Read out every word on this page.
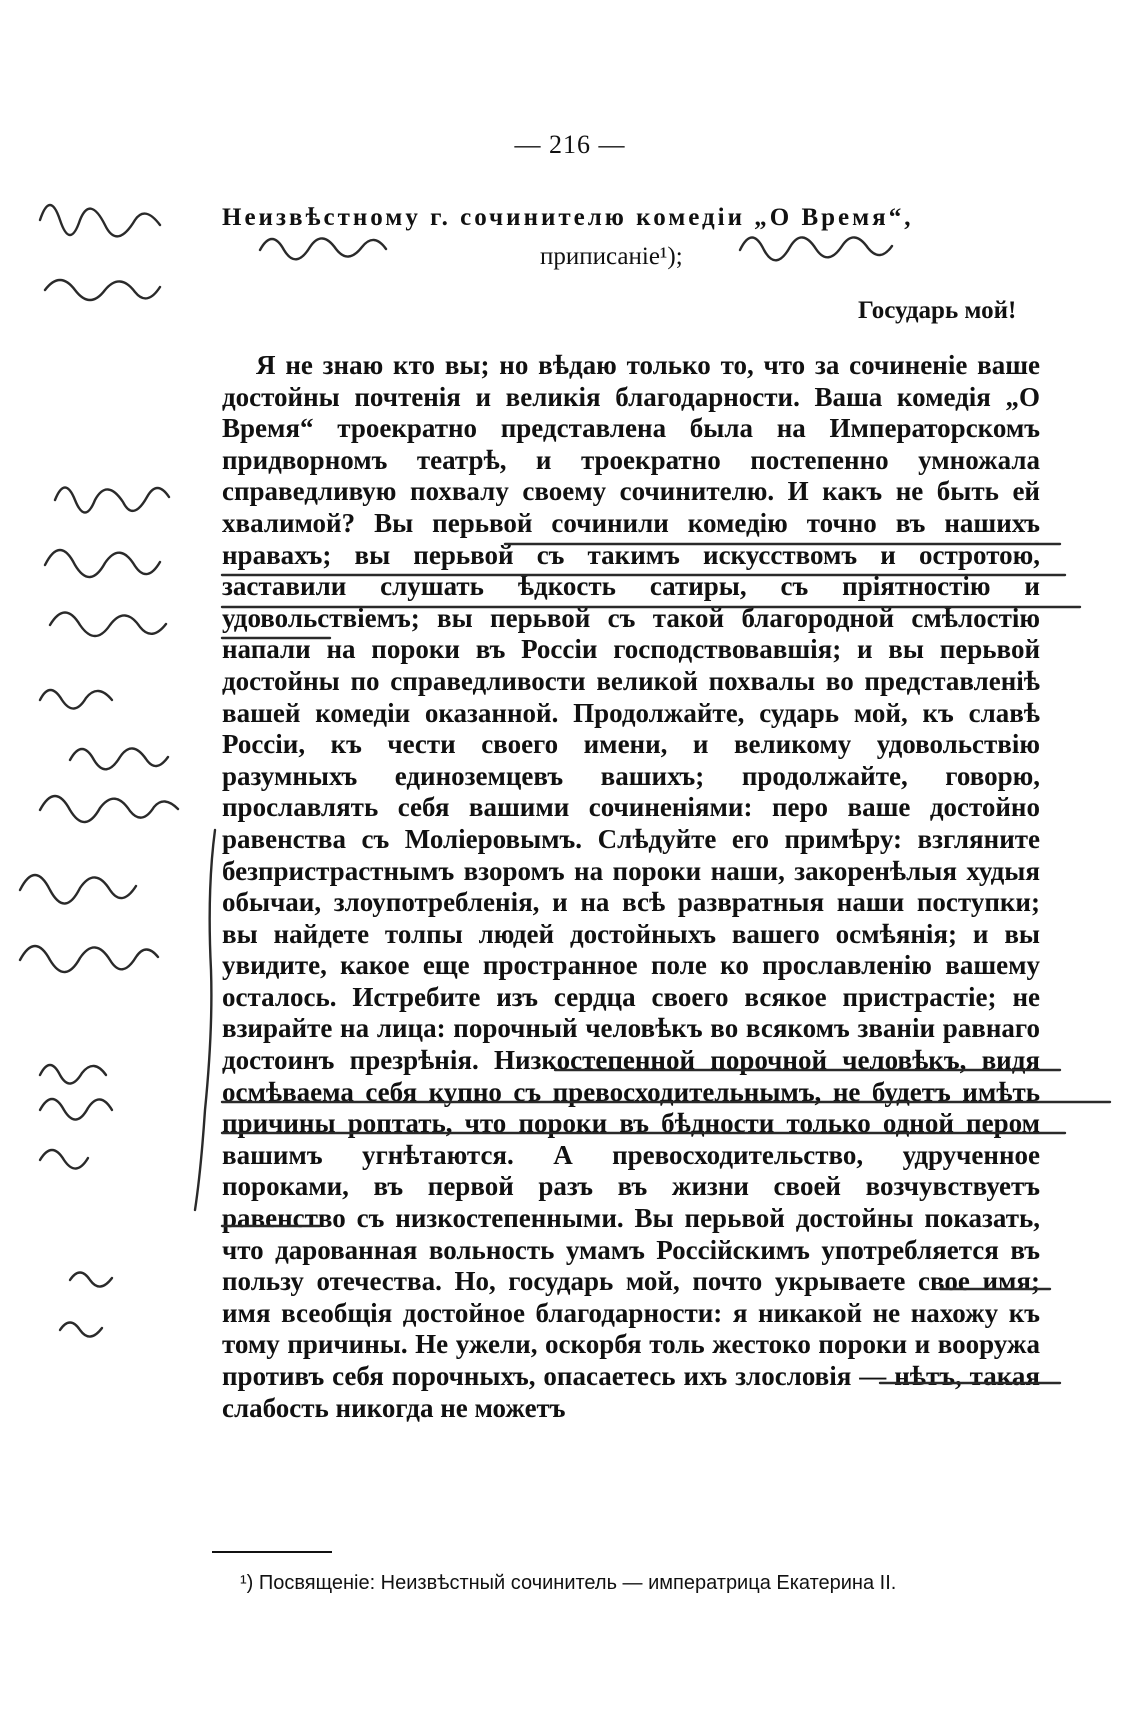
— 216 —
Неизвѣстному г. сочинителю комедiи „О Время“,
приписанiе¹);
Государь мой!

Я не знаю кто вы; но вѣдаю только то, что за сочиненіе ваше достойны почтенія и великія благодарности. Ваша комедія „О Время“ троекратно представлена была на Императорскомъ придворномъ театрѣ, и троекратно постепенно умножала справедливую похвалу своему сочинителю. И какъ не быть ей хвалимой? Вы перьвой сочинили комедію точно въ нашихъ нравахъ; вы перьвой съ такимъ искусствомъ и остротою, заставили слушать ѣдкость сатиры, съ пріятностію и удовольствіемъ; вы перьвой съ такой благородной смѣлостію напали на пороки въ Россіи господствовавшія; и вы перьвой достойны по справедливости великой похвалы во представленіѣ вашей комедіи оказанной. Продолжайте, сударь мой, къ славѣ Россіи, къ чести своего имени, и великому удовольствію разумныхъ единоземцевъ вашихъ; продолжайте, говорю, прославлять себя вашими сочиненіями: перо ваше достойно равенства съ Моліеровымъ. Слѣдуйте его примѣру: взгляните безпристрастнымъ взоромъ на пороки наши, закоренѣлыя худыя обычаи, злоупотребленія, и на всѣ развратныя наши поступки; вы найдете толпы людей достойныхъ вашего осмѣянія; и вы увидите, какое еще пространное поле ко прославленію вашему осталось. Истребите изъ сердца своего всякое пристрастіе; не взирайте на лица: порочный человѣкъ во всякомъ званіи равнаго достоинъ презрѣнія. Низкостепенной порочной человѣкъ, видя осмѣваема себя купно съ превосходительнымъ, не будетъ имѣть причины роптать, что пороки въ бѣдности только одной пером вашимъ угнѣтаются. А превосходительство, удрученное пороками, въ первой разъ въ жизни своей возчувствуетъ равенство съ низкостепенными. Вы перьвой достойны показать, что дарованная вольность умамъ Россійскимъ употребляется въ пользу отечества. Но, государь мой, почто укрываете свое имя; имя всеобщія достойное благодарности: я никакой не нахожу къ тому причины. Не ужели, оскорбя толь жестоко пороки и вооружа противъ себя порочныхъ, опасаетесь ихъ злословія — нѣтъ, такая слабость никогда не можетъ

¹) Посвященіе: Неизвѣстный сочинитель — императрица Екатерина II.
